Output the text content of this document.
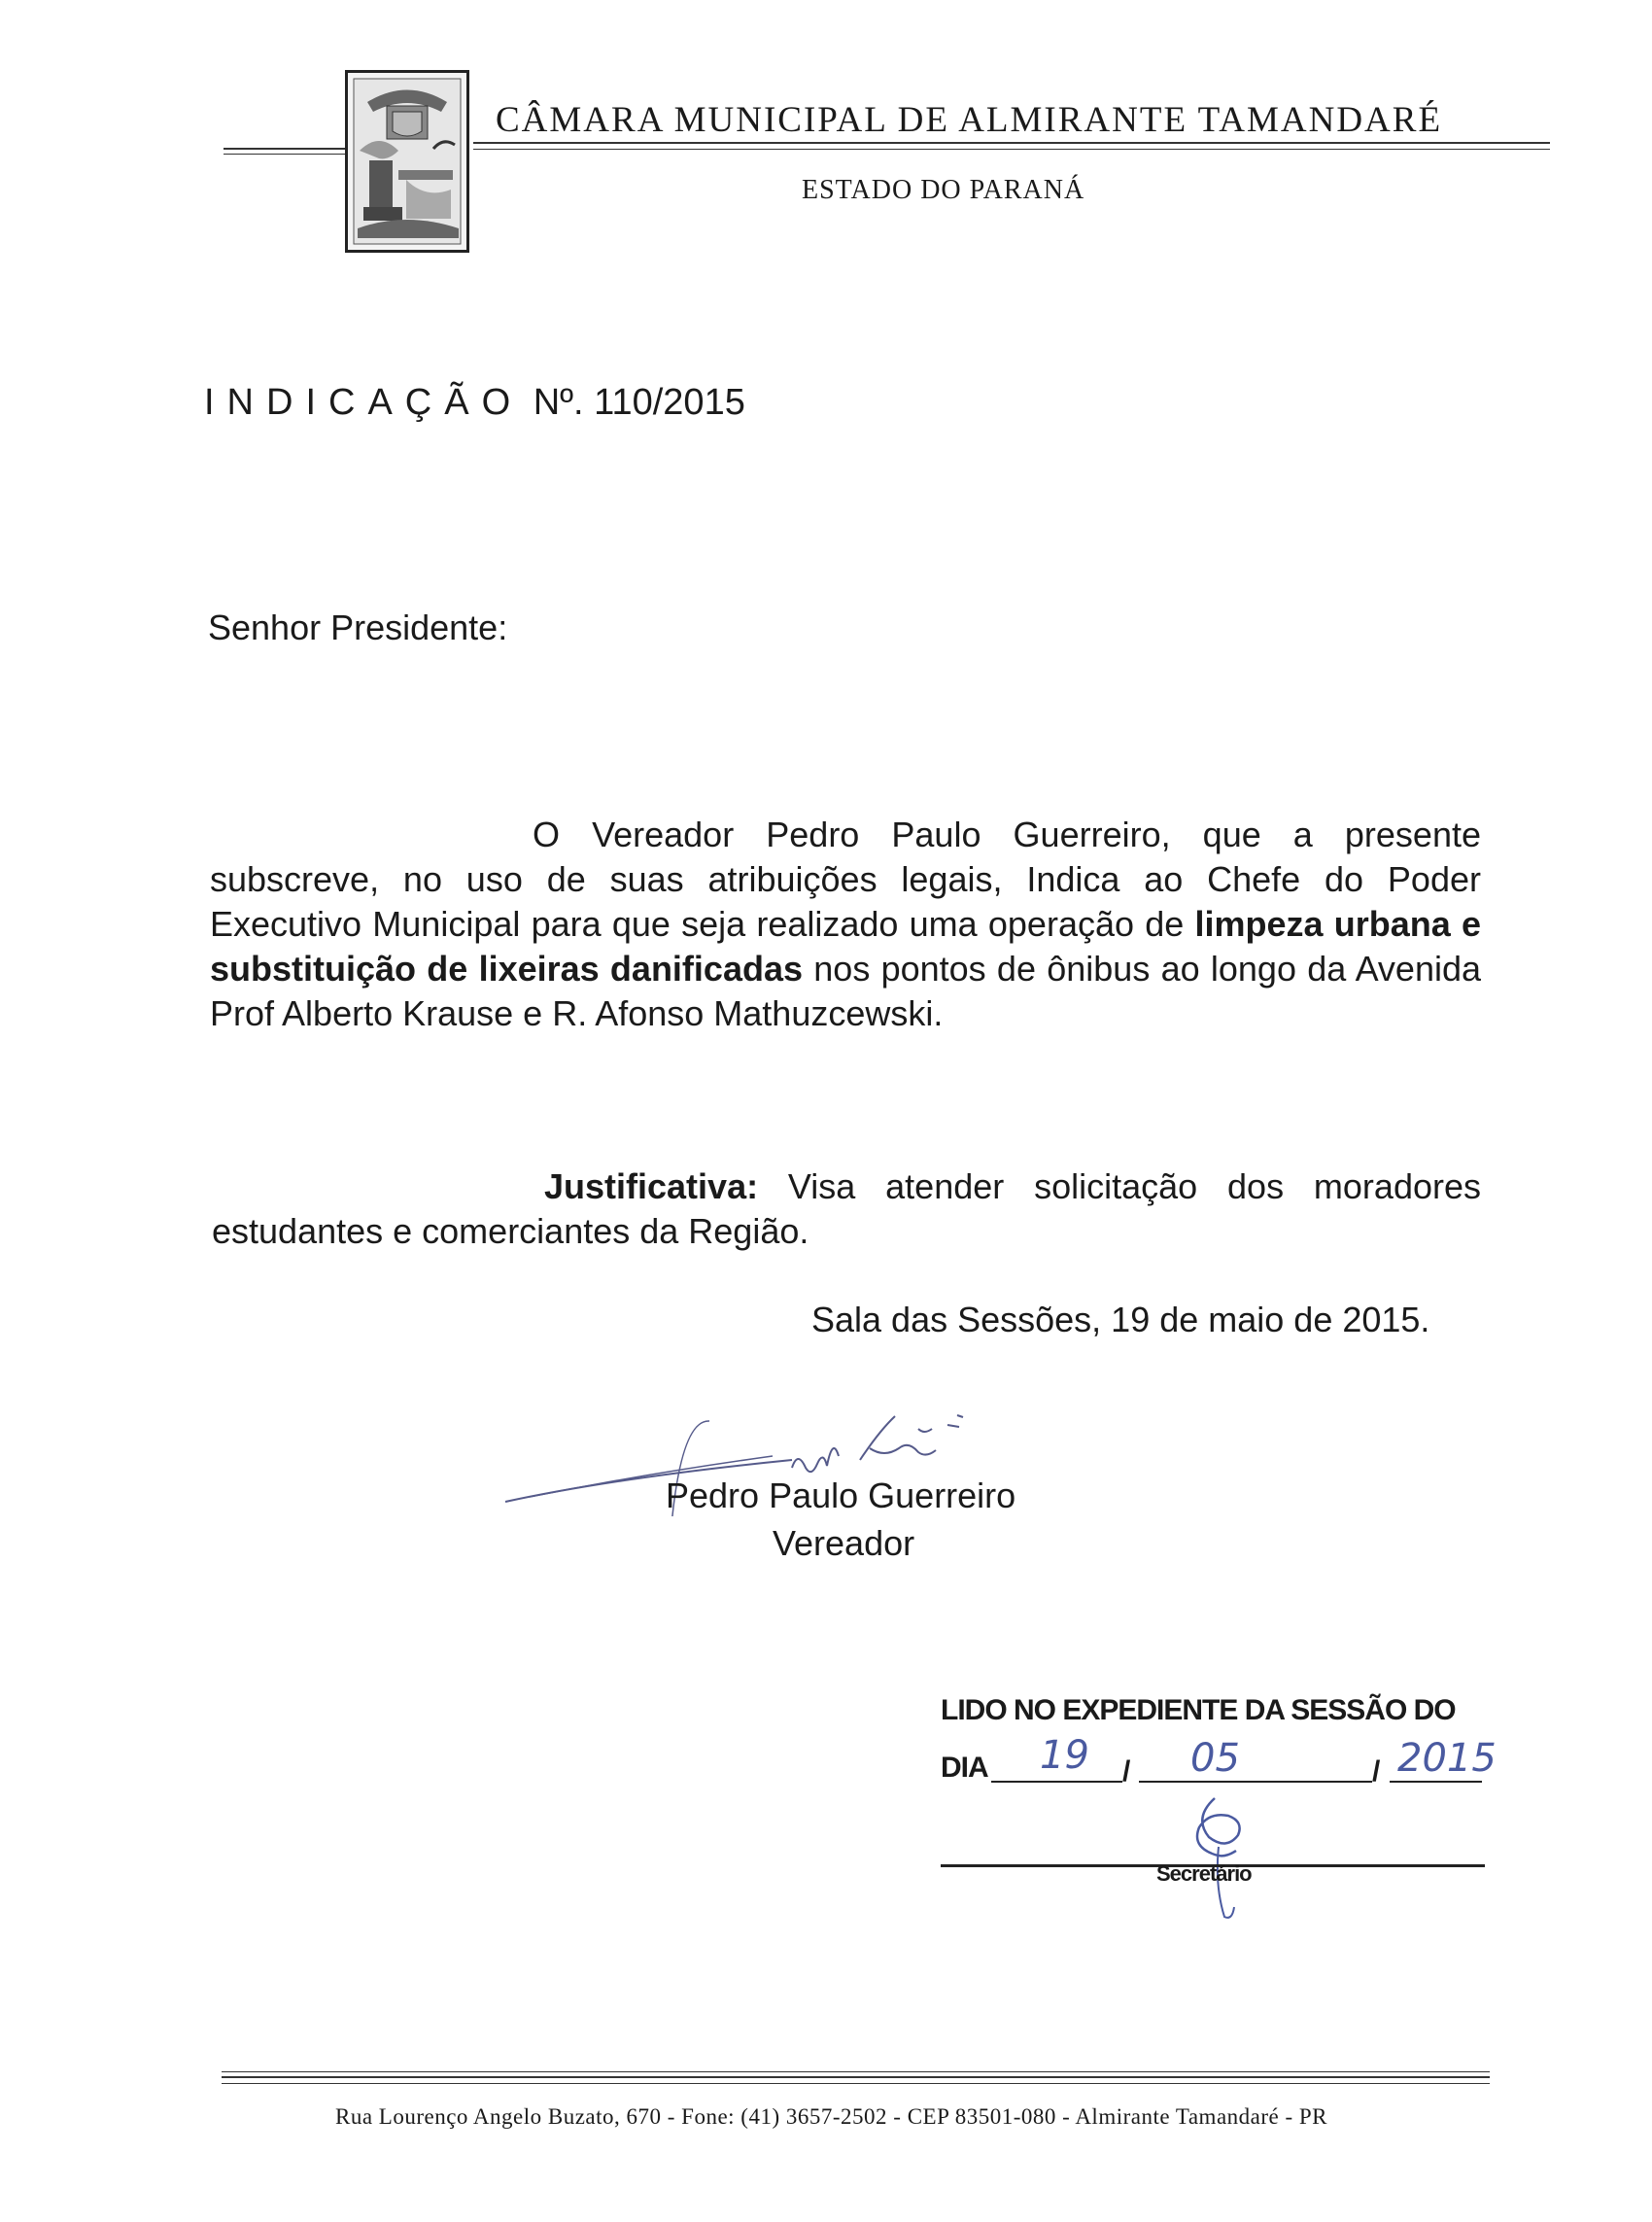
CÂMARA MUNICIPAL DE ALMIRANTE TAMANDARÉ
ESTADO DO PARANÁ
INDICAÇÃO Nº. 110/2015
Senhor Presidente:
O Vereador Pedro Paulo Guerreiro, que a presente subscreve, no uso de suas atribuições legais, Indica ao Chefe do Poder Executivo Municipal para que seja realizado uma operação de limpeza urbana e substituição de lixeiras danificadas nos pontos de ônibus ao longo da Avenida Prof Alberto Krause e R. Afonso Mathuzcewski.
Justificativa: Visa atender solicitação dos moradores estudantes e comerciantes da Região.
Sala das Sessões, 19 de maio de 2015.
Pedro Paulo Guerreiro
Vereador
LIDO NO EXPEDIENTE DA SESSÃO DO
DIA	/	/
19	05	2015
Secretário
Rua Lourenço Angelo Buzato, 670 - Fone: (41) 3657-2502 - CEP 83501-080 - Almirante Tamandaré - PR
